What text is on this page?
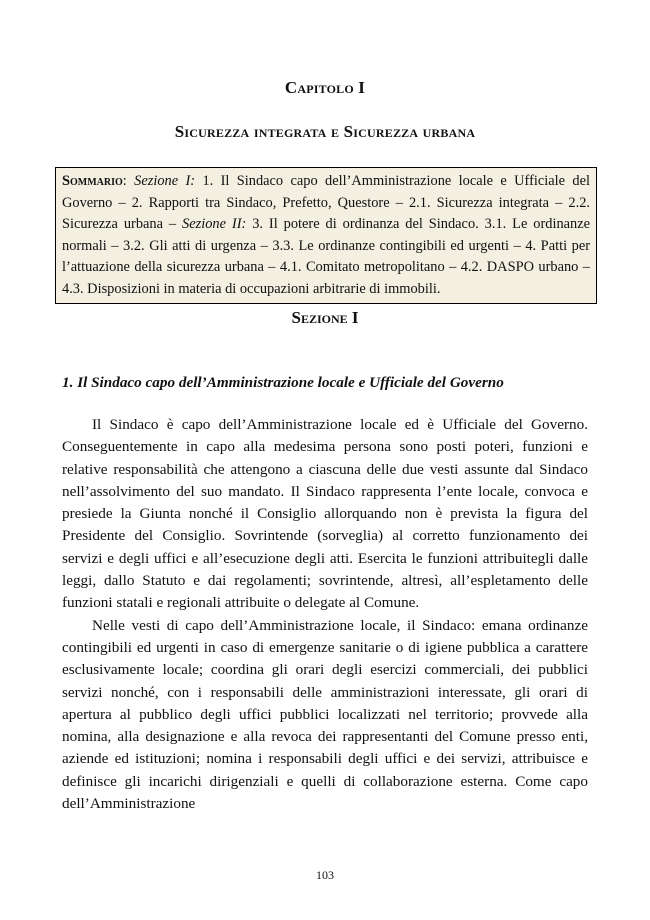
Capitolo I
Sicurezza integrata e Sicurezza urbana
Sommario: Sezione I: 1. Il Sindaco capo dell’Amministrazione locale e Ufficiale del Governo – 2. Rapporti tra Sindaco, Prefetto, Questore – 2.1. Sicurezza integrata – 2.2. Sicurezza urbana – Sezione II: 3. Il potere di ordinanza del Sindaco. 3.1. Le ordinanze normali – 3.2. Gli atti di urgenza – 3.3. Le ordinanze contingibili ed urgenti – 4. Patti per l’attuazione della sicurezza urbana – 4.1. Comitato metropolitano – 4.2. DASPO urbano – 4.3. Disposizioni in materia di occupazioni arbitrarie di immobili.
Sezione I
1. Il Sindaco capo dell’Amministrazione locale e Ufficiale del Governo

Il Sindaco è capo dell’Amministrazione locale ed è Ufficiale del Governo. Conseguentemente in capo alla medesima persona sono posti poteri, funzioni e relative responsabilità che attengono a ciascuna delle due vesti assunte dal Sindaco nell’assolvimento del suo mandato. Il Sindaco rappresenta l’ente locale, convoca e presiede la Giunta nonché il Consiglio allorquando non è prevista la figura del Presidente del Consiglio. Sovrintende (sorveglia) al corretto funzionamento dei servizi e degli uffici e all’esecuzione degli atti. Esercita le funzioni attribuitegli dalle leggi, dallo Statuto e dai regolamenti; sovrintende, altresì, all’espletamento delle funzioni statali e regionali attribuite o delegate al Comune.

Nelle vesti di capo dell’Amministrazione locale, il Sindaco: emana ordinanze contingibili ed urgenti in caso di emergenze sanitarie o di igiene pubblica a carattere esclusivamente locale; coordina gli orari degli esercizi commerciali, dei pubblici servizi nonché, con i responsabili delle amministrazioni interessate, gli orari di apertura al pubblico degli uffici pubblici localizzati nel territorio; provvede alla nomina, alla designazione e alla revoca dei rappresentanti del Comune presso enti, aziende ed istituzioni; nomina i responsabili degli uffici e dei servizi, attribuisce e definisce gli incarichi dirigenziali e quelli di collaborazione esterna. Come capo dell’Amministrazione

103
